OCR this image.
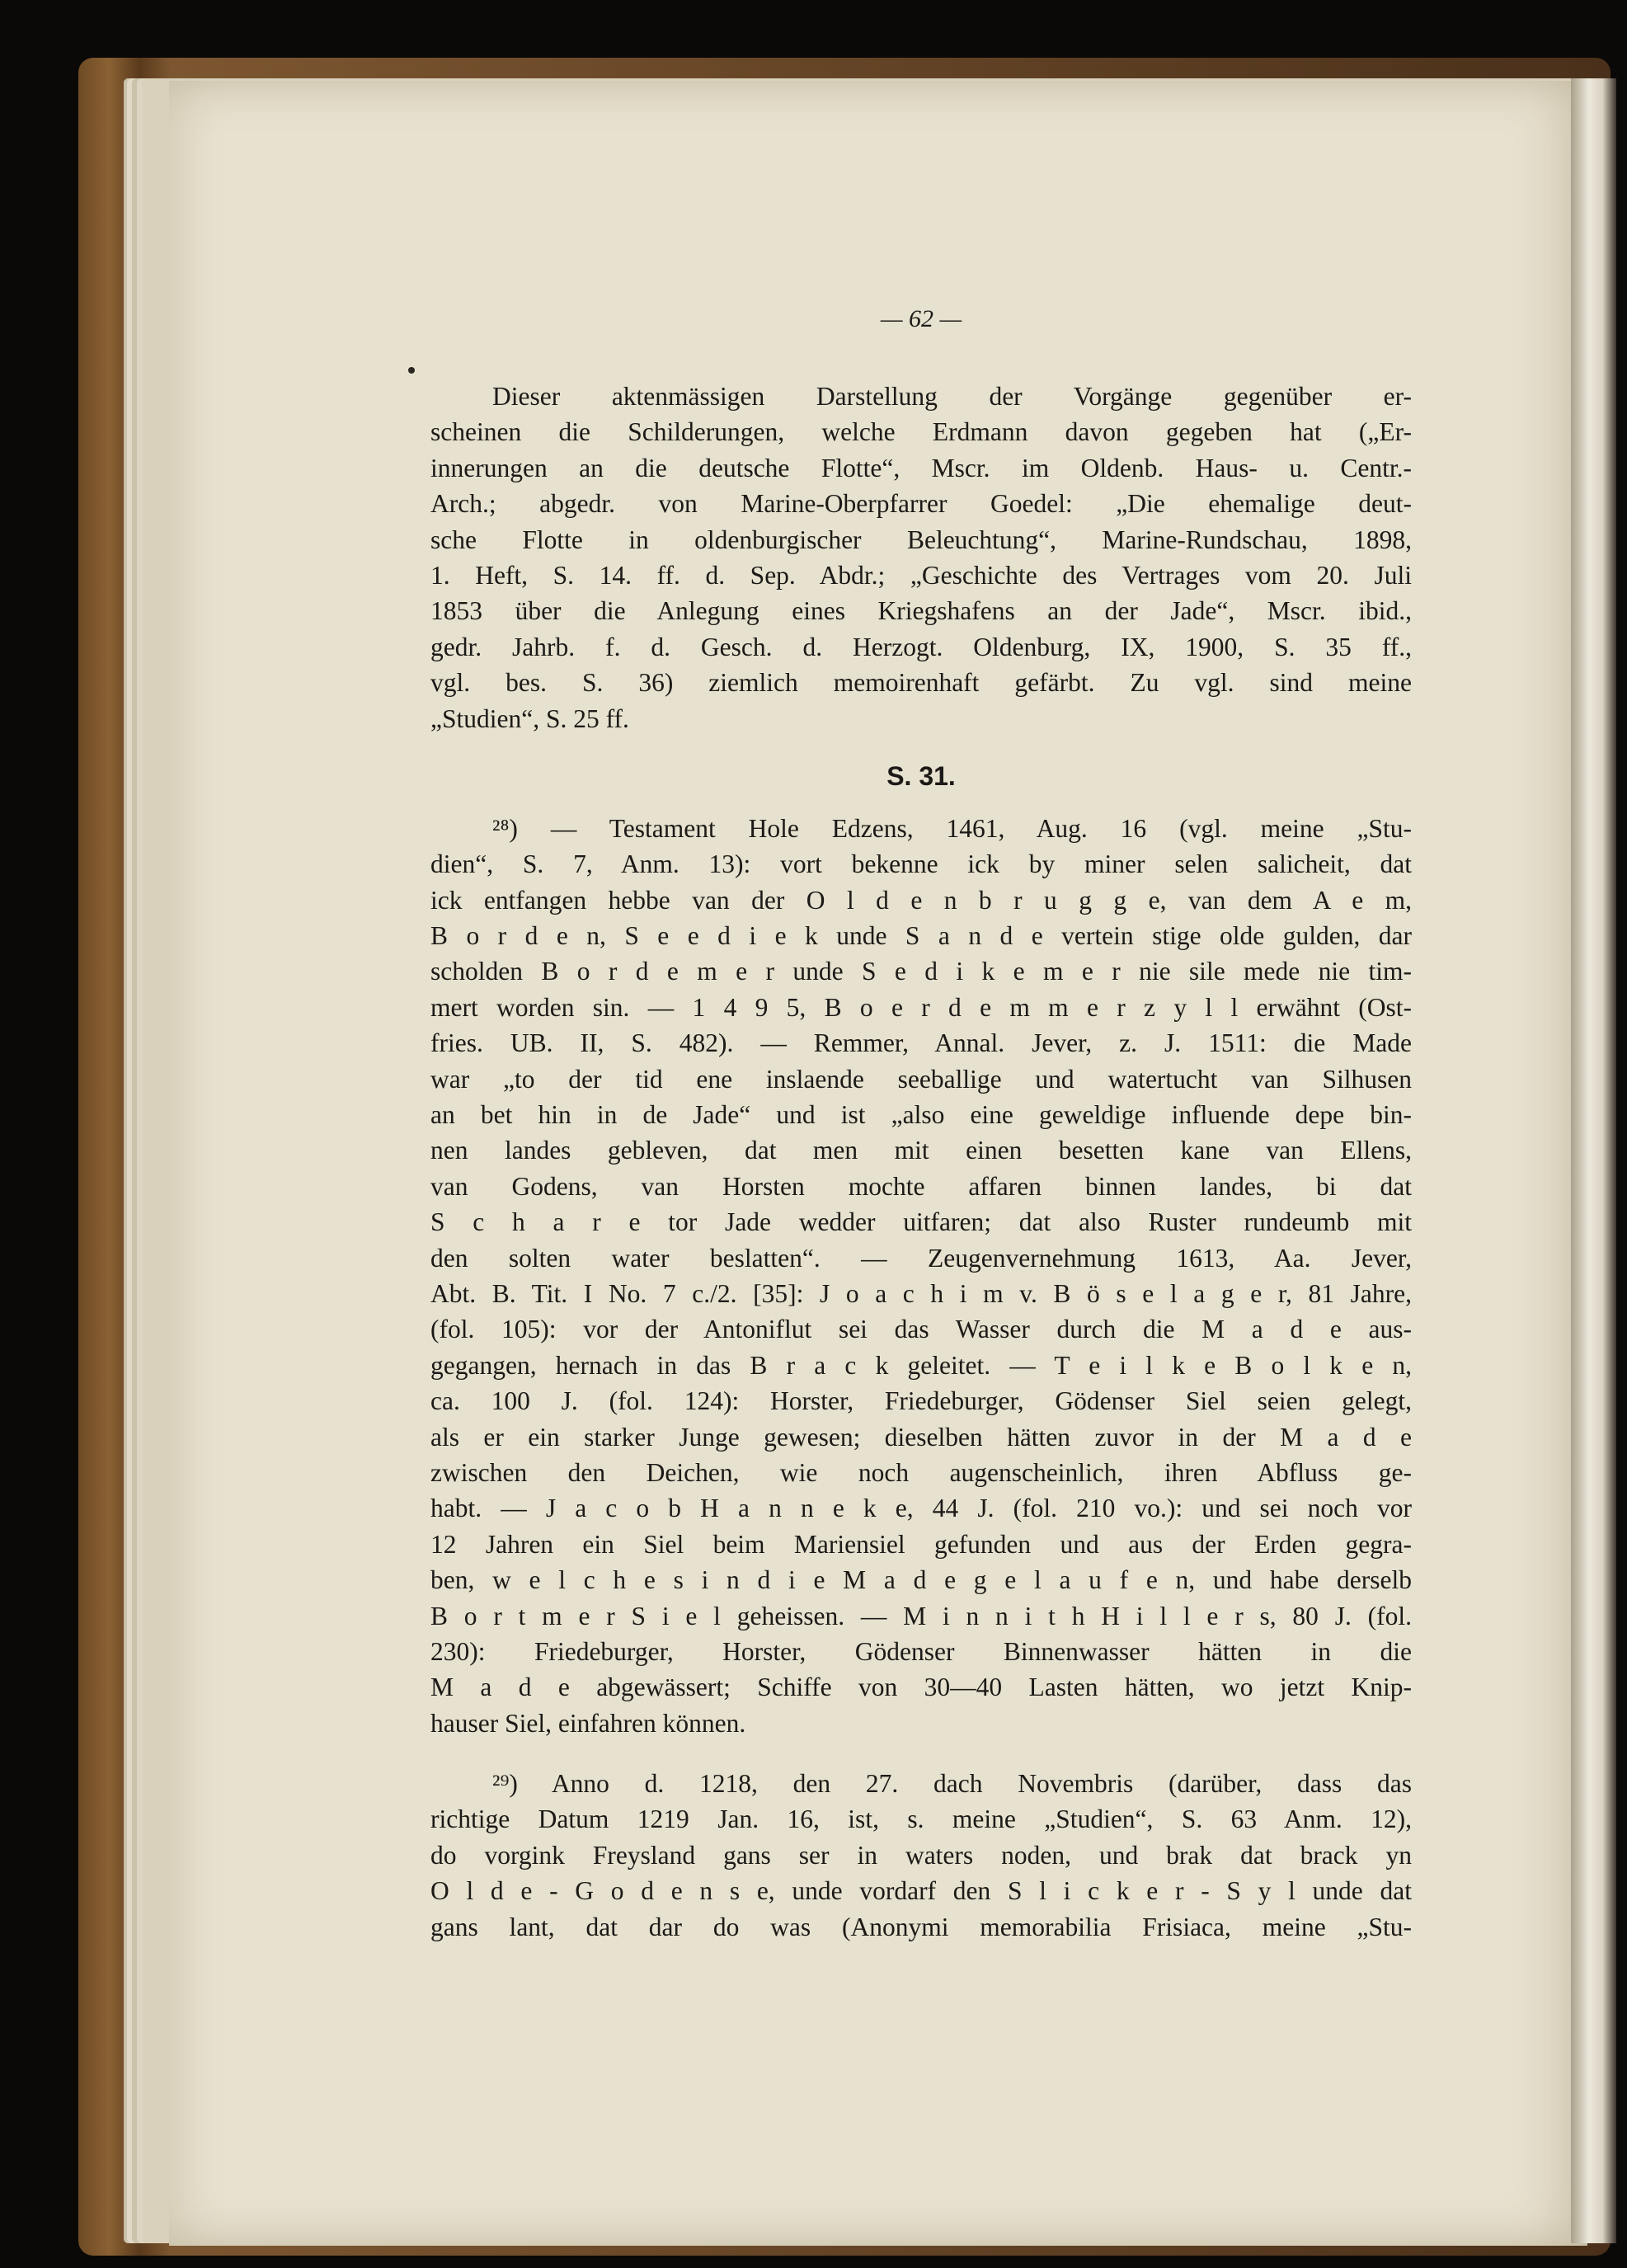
— 62 —
Dieser aktenmässigen Darstellung der Vorgänge gegenüber er-
scheinen die Schilderungen, welche Erdmann davon gegeben hat („Er-
innerungen an die deutsche Flotte“, Mscr. im Oldenb. Haus- u. Centr.-
Arch.; abgedr. von Marine-Oberpfarrer Goedel: „Die ehemalige deut-
sche Flotte in oldenburgischer Beleuchtung“, Marine-Rundschau, 1898,
1. Heft, S. 14. ff. d. Sep. Abdr.; „Geschichte des Vertrages vom 20. Juli
1853 über die Anlegung eines Kriegshafens an der Jade“, Mscr. ibid.,
gedr. Jahrb. f. d. Gesch. d. Herzogt. Oldenburg, IX, 1900, S. 35 ff.,
vgl. bes. S. 36) ziemlich memoirenhaft gefärbt. Zu vgl. sind meine
„Studien“, S. 25 ff.
S. 31.
²⁸) — Testament Hole Edzens, 1461, Aug. 16 (vgl. meine „Stu-
dien“, S. 7, Anm. 13): vort bekenne ick by miner selen salicheit, dat
ick entfangen hebbe van der O l d e n b r u g g e, van dem A e m,
B o r d e n, S e e d i e k unde S a n d e vertein stige olde gulden, dar
scholden B o r d e m e r unde S e d i k e m e r nie sile mede nie tim-
mert worden sin. — 1 4 9 5, B o e r d e m m e r z y l l erwähnt (Ost-
fries. UB. II, S. 482). — Remmer, Annal. Jever, z. J. 1511: die Made
war „to der tid ene inslaende seeballige und watertucht van Silhusen
an bet hin in de Jade“ und ist „also eine geweldige influende depe bin-
nen landes gebleven, dat men mit einen besetten kane van Ellens,
van Godens, van Horsten mochte affaren binnen landes, bi dat
S c h a r e tor Jade wedder uitfaren; dat also Ruster rundeumb mit
den solten water beslatten“. — Zeugenvernehmung 1613, Aa. Jever,
Abt. B. Tit. I No. 7 c./2. [35]: J o a c h i m v. B ö s e l a g e r, 81 Jahre,
(fol. 105): vor der Antoniflut sei das Wasser durch die M a d e aus-
gegangen, hernach in das B r a c k geleitet. — T e i l k e B o l k e n,
ca. 100 J. (fol. 124): Horster, Friedeburger, Gödenser Siel seien gelegt,
als er ein starker Junge gewesen; dieselben hätten zuvor in der M a d e
zwischen den Deichen, wie noch augenscheinlich, ihren Abfluss ge-
habt. — J a c o b H a n n e k e, 44 J. (fol. 210 vo.): und sei noch vor
12 Jahren ein Siel beim Mariensiel gefunden und aus der Erden gegra-
ben, w e l c h e s i n d i e M a d e g e l a u f e n, und habe derselb
B o r t m e r S i e l geheissen. — M i n n i t h H i l l e r s, 80 J. (fol.
230): Friedeburger, Horster, Gödenser Binnenwasser hätten in die
M a d e abgewässert; Schiffe von 30—40 Lasten hätten, wo jetzt Knip-
hauser Siel, einfahren können.
²⁹) Anno d. 1218, den 27. dach Novembris (darüber, dass das
richtige Datum 1219 Jan. 16, ist, s. meine „Studien“, S. 63 Anm. 12),
do vorgink Freysland gans ser in waters noden, und brak dat brack yn
O l d e - G o d e n s e, unde vordarf den S l i c k e r - S y l unde dat
gans lant, dat dar do was (Anonymi memorabilia Frisiaca, meine „Stu-
